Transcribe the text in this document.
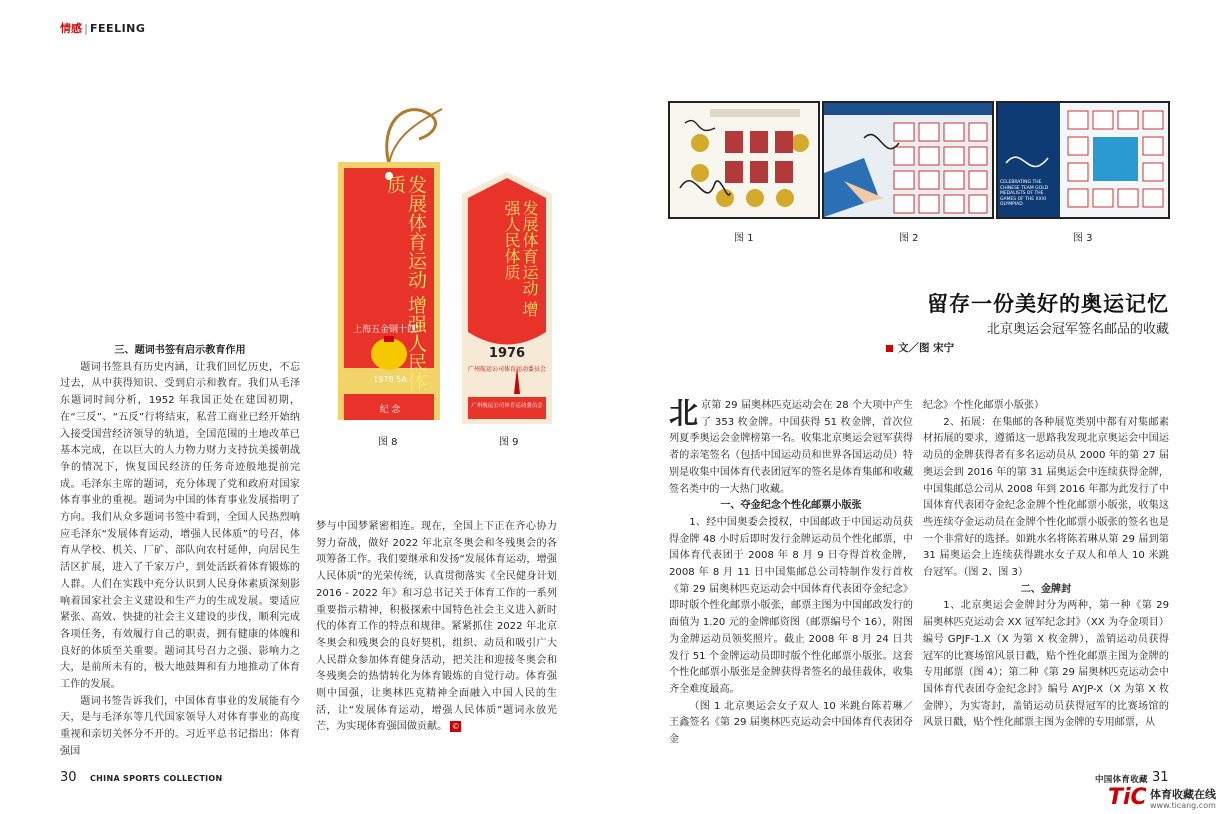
情感 | FEELING
发展体育运动 增强人民体质
上海五金钢十四厂
1978 5A
纪 念
图 8
发展体育运动 增强人民体质
1976
广州航运公司体育运动委员会
广州航运公司体育运动委员会
图 9
三、题词书签有启示教育作用

题词书签具有历史内涵，让我们回忆历史，不忘过去，从中获得知识、受到启示和教育。我们从毛泽东题词时间分析，1952 年我国正处在建国初期，在“三反”、“五反”行将结束，私营工商业已经开始纳入接受国营经济领导的轨道，全国范围的土地改革已基本完成，在以巨大的人力物力财力支持抗美援朝战争的情况下，恢复国民经济的任务奇迹般地提前完成。毛泽东主席的题词，充分体现了党和政府对国家体育事业的重视。题词为中国的体育事业发展指明了方向。我们从众多题词书签中看到，全国人民热烈响应毛泽东“发展体育运动，增强人民体质”的号召，体育从学校、机关、厂矿、部队向农村延伸，向居民生活区扩展，进入了千家万户，到处活跃着体育锻炼的人群。人们在实践中充分认识到人民身体素质深刻影响着国家社会主义建设和生产力的生成发展。要适应紧张、高效、快捷的社会主义建设的步伐，顺利完成各项任务，有效履行自己的职责，拥有健康的体魄和良好的体质至关重要。题词其号召力之强、影响力之大，是前所未有的，极大地鼓舞和有力地推动了体育工作的发展。

题词书签告诉我们，中国体育事业的发展能有今天，是与毛泽东等几代国家领导人对体育事业的高度重视和亲切关怀分不开的。习近平总书记指出：体育强国

梦与中国梦紧密相连。现在，全国上下正在齐心协力努力奋战，做好 2022 年北京冬奥会和冬残奥会的各项筹备工作。我们要继承和发扬“发展体育运动，增强人民体质”的光荣传统，认真贯彻落实《全民健身计划 2016 - 2022 年》和习总书记关于体育工作的一系列重要指示精神，积极探索中国特色社会主义进入新时代的体育工作的特点和规律。紧紧抓住 2022 年北京冬奥会和残奥会的良好契机，组织、动员和吸引广大人民群众参加体育健身活动，把关注和迎接冬奥会和冬残奥会的热情转化为体育锻炼的自觉行动。体育强则中国强，让奥林匹克精神全面融入中国人民的生活，让“发展体育运动，增强人民体质”题词永放光芒，为实现体育强国做贡献。 ©

30 CHINA SPORTS COLLECTION
CELEBRATING THE CHINESE TEAM GOLD MEDALISTS OF THE GAMES OF THE XXXI OLYMPIAD
图 1	图 2	图 3
留存一份美好的奥运记忆
北京奥运会冠军签名邮品的收藏
文／图 宋宁

北京第 29 届奥林匹克运动会在 28 个大项中产生了 353 枚金牌。中国获得 51 枚金牌，首次位列夏季奥运会金牌榜第一名。收集北京奥运会冠军获得者的亲笔签名（包括中国运动员和世界各国运动员）特别是收集中国体育代表团冠军的签名是体育集邮和收藏签名类中的一大热门收藏。

一、夺金纪念个性化邮票小版张

1、经中国奥委会授权，中国邮政于中国运动员获得金牌 48 小时后即时发行金牌运动员个性化邮票，中国体育代表团于 2008 年 8 月 9 日夺得首枚金牌，2008 年 8 月 11 日中国集邮总公司特制作发行首枚《第 29 届奥林匹克运动会中国体育代表团夺金纪念》即时版个性化邮票小版张，邮票主图为中国邮政发行的面值为 1.20 元的金牌邮资图（邮票编号个 16），附图为金牌运动员领奖照片。截止 2008 年 8 月 24 日共发行 51 个金牌运动员即时版个性化邮票小版张。这套个性化邮票小版张是金牌获得者签名的最佳载体，收集齐全难度最高。

（图 1 北京奥运会女子双人 10 米跳台陈若琳／王鑫签名《第 29 届奥林匹克运动会中国体育代表团夺金

纪念》个性化邮票小版张）

2、拓展：在集邮的各种展览类别中都有对集邮素材拓展的要求，遵循这一思路我发现北京奥运会中国运动员的金牌获得者有多名运动员从 2000 年的第 27 届奥运会到 2016 年的第 31 届奥运会中连续获得金牌，中国集邮总公司从 2008 年到 2016 年都为此发行了中国体育代表团夺金纪念金牌个性化邮票小版张，收集这些连续夺金运动员在金牌个性化邮票小版张的签名也是一个非常好的选择。如跳水名将陈若琳从第 29 届到第 31 届奥运会上连续获得跳水女子双人和单人 10 米跳台冠军。（图 2、图 3）

二、金牌封

1、北京奥运会金牌封分为两种，第一种《第 29 届奥林匹克运动会 XX 冠军纪念封》（XX 为夺金项目）编号 GPJF-1.X（X 为第 X 枚金牌），盖销运动员获得冠军的比赛场馆风景日戳，贴个性化邮票主图为金牌的专用邮票（图 4）；第二种《第 29 届奥林匹克运动会中国体育代表团夺金纪念封》编号 AYJP-X（X 为第 X 枚金牌），为实寄封，盖销运动员获得冠军的比赛场馆的风景日戳，贴个性化邮票主图为金牌的专用邮票，从

中国体育收藏 31
TiC 体育收藏在线
www.ticang.com
